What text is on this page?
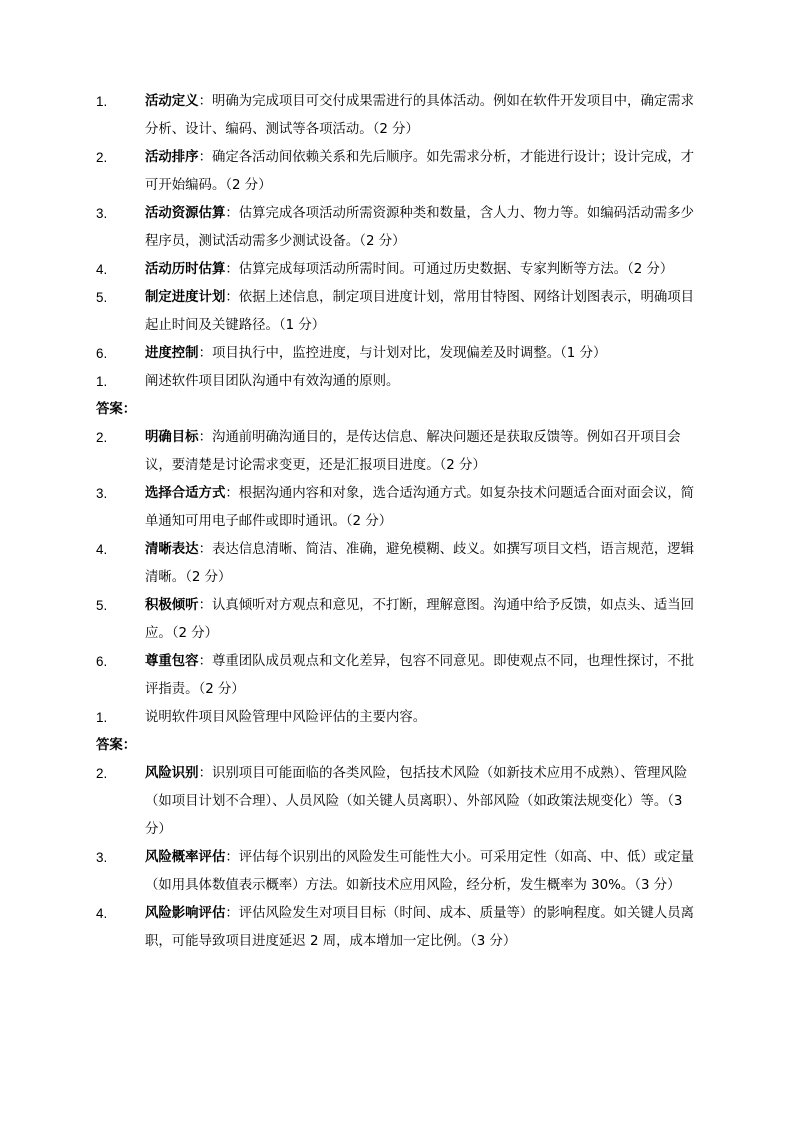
1.	活动定义：明确为完成项目可交付成果需进行的具体活动。例如在软件开发项目中，确定需求分析、设计、编码、测试等各项活动。（2 分）
2.	活动排序：确定各活动间依赖关系和先后顺序。如先需求分析，才能进行设计；设计完成，才可开始编码。（2 分）
3.	活动资源估算：估算完成各项活动所需资源种类和数量，含人力、物力等。如编码活动需多少程序员，测试活动需多少测试设备。（2 分）
4.	活动历时估算：估算完成每项活动所需时间。可通过历史数据、专家判断等方法。（2 分）
5.	制定进度计划：依据上述信息，制定项目进度计划，常用甘特图、网络计划图表示，明确项目起止时间及关键路径。（1 分）
6.	进度控制：项目执行中，监控进度，与计划对比，发现偏差及时调整。（1 分）
1.	阐述软件项目团队沟通中有效沟通的原则。
答案：
2.	明确目标：沟通前明确沟通目的，是传达信息、解决问题还是获取反馈等。例如召开项目会议，要清楚是讨论需求变更，还是汇报项目进度。（2 分）
3.	选择合适方式：根据沟通内容和对象，选合适沟通方式。如复杂技术问题适合面对面会议，简单通知可用电子邮件或即时通讯。（2 分）
4.	清晰表达：表达信息清晰、简洁、准确，避免模糊、歧义。如撰写项目文档，语言规范，逻辑清晰。（2 分）
5.	积极倾听：认真倾听对方观点和意见，不打断，理解意图。沟通中给予反馈，如点头、适当回应。（2 分）
6.	尊重包容：尊重团队成员观点和文化差异，包容不同意见。即使观点不同，也理性探讨，不批评指责。（2 分）
1.	说明软件项目风险管理中风险评估的主要内容。
答案：
2.	风险识别：识别项目可能面临的各类风险，包括技术风险（如新技术应用不成熟）、管理风险（如项目计划不合理）、人员风险（如关键人员离职）、外部风险（如政策法规变化）等。（3 分）
3.	风险概率评估：评估每个识别出的风险发生可能性大小。可采用定性（如高、中、低）或定量（如用具体数值表示概率）方法。如新技术应用风险，经分析，发生概率为 30%。（3 分）
4.	风险影响评估：评估风险发生对项目目标（时间、成本、质量等）的影响程度。如关键人员离职，可能导致项目进度延迟 2 周，成本增加一定比例。（3 分）
